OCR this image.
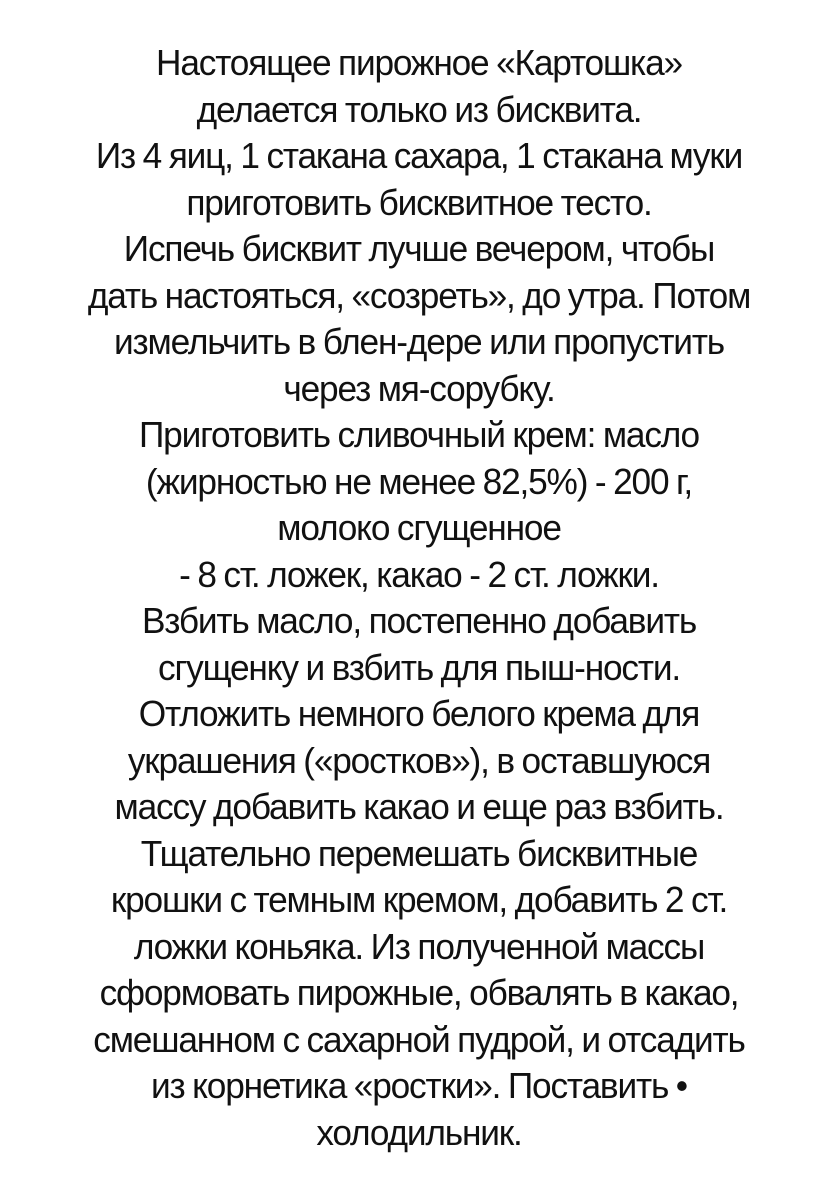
Настоящее пирожное «Картошка»
делается только из бисквита.
Из 4 яиц, 1 стакана сахара, 1 стакана муки
приготовить бисквитное тесто.
Испечь бисквит лучше вечером, чтобы
дать настояться, «созреть», до утра. Потом
измельчить в блен-дере или пропустить
через мя-сорубку.
Приготовить сливочный крем: масло
(жирностью не менее 82,5%) - 200 г,
молоко сгущенное
- 8 ст. ложек, какао - 2 ст. ложки.
Взбить масло, постепенно добавить
сгущенку и взбить для пыш-ности.
Отложить немного белого крема для
украшения («ростков»), в оставшуюся
массу добавить какао и еще раз взбить.
Тщательно перемешать бисквитные
крошки с темным кремом, добавить 2 ст.
ложки коньяка. Из полученной массы
сформовать пирожные, обвалять в какао,
смешанном с сахарной пудрой, и отсадить
из корнетика «ростки». Поставить •
холодильник.
